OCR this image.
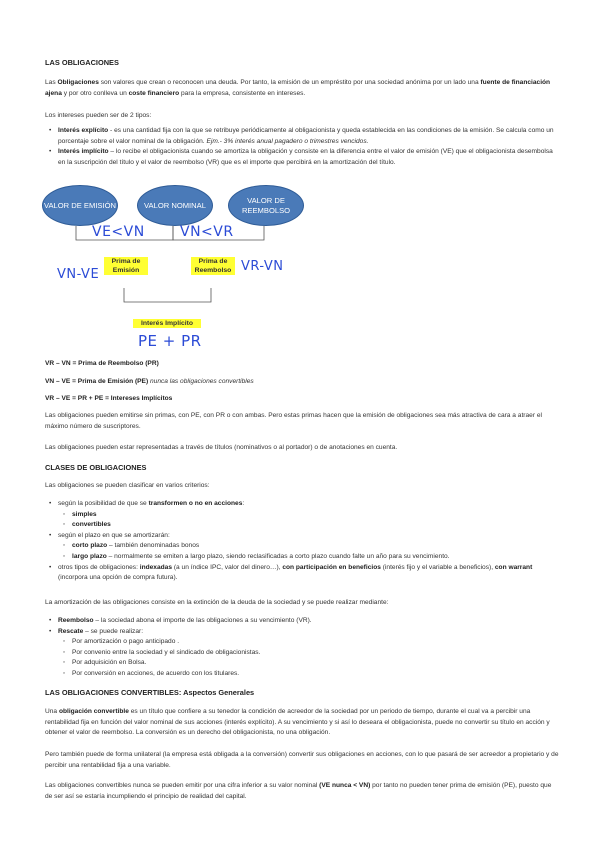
LAS OBLIGACIONES

Las Obligaciones son valores que crean o reconocen una deuda. Por tanto, la emisión de un empréstito por una sociedad anónima por un lado una fuente de financiación ajena y por otro conlleva un coste financiero para la empresa, consistente en intereses.

Los intereses pueden ser de 2 tipos:
• Interés explícito - es una cantidad fija con la que se retribuye periódicamente al obligacionista y queda establecida en las condiciones de la emisión. Se calcula como un porcentaje sobre el valor nominal de la obligación. Ejm.- 3% interés anual pagadero o trimestres vencidos.
• Interés implícito – lo recibe el obligacionista cuando se amortiza la obligación y consiste en la diferencia entre el valor de emisión (VE) que el obligacionista desembolsa en la suscripción del título y el valor de reembolso (VR) que es el importe que percibirá en la amortización del título.
VALOR DE EMISIÓN	VALOR NOMINAL
VALOR DE REEMBOLSO
VE<VN	VN<VR
Prima de Emisión
Prima de Reembolso
VN-VE
VR-VN
Interés Implícito
PE + PR
VR – VN = Prima de Reembolso (PR)
VN – VE = Prima de Emisión (PE) nunca las obligaciones convertibles
VR – VE = PR + PE = Intereses Implícitos
Las obligaciones pueden emitirse sin primas, con PE, con PR o con ambas. Pero estas primas hacen que la emisión de obligaciones sea más atractiva de cara a atraer el máximo número de suscriptores.
Las obligaciones pueden estar representadas a través de títulos (nominativos o al portador) o de anotaciones en cuenta.
CLASES DE OBLIGACIONES
Las obligaciones se pueden clasificar en varios criterios:
• según la posibilidad de que se transformen o no en acciones:
◦ simples
◦ convertibles
• según el plazo en que se amortizarán:
◦ corto plazo – también denominadas bonos
◦ largo plazo – normalmente se emiten a largo plazo, siendo reclasificadas a corto plazo cuando falte un año para su vencimiento.
• otros tipos de obligaciones: indexadas (a un índice IPC, valor del dinero…), con participación en beneficios (interés fijo y el variable a beneficios), con warrant (incorpora una opción de compra futura).
La amortización de las obligaciones consiste en la extinción de la deuda de la sociedad y se puede realizar mediante:
• Reembolso – la sociedad abona el importe de las obligaciones a su vencimiento (VR).
• Rescate – se puede realizar:
◦ Por amortización o pago anticipado .
◦ Por convenio entre la sociedad y el sindicado de obligacionistas.
◦ Por adquisición en Bolsa.
◦ Por conversión en acciones, de acuerdo con los titulares.
LAS OBLIGACIONES CONVERTIBLES: Aspectos Generales

Una obligación convertible es un título que confiere a su tenedor la condición de acreedor de la sociedad por un periodo de tiempo, durante el cual va a percibir una rentabilidad fija en función del valor nominal de sus acciones (interés explícito). A su vencimiento y si así lo deseara el obligacionista, puede no convertir su título en acción y obtener el valor de reembolso. La conversión es un derecho del obligacionista, no una obligación.

Pero también puede de forma unilateral (la empresa está obligada a la conversión) convertir sus obligaciones en acciones, con lo que pasará de ser acreedor a propietario y de percibir una rentabilidad fija a una variable.

Las obligaciones convertibles nunca se pueden emitir por una cifra inferior a su valor nominal (VE nunca < VN) por tanto no pueden tener prima de emisión (PE), puesto que de ser así se estaría incumpliendo el principio de realidad del capital.
